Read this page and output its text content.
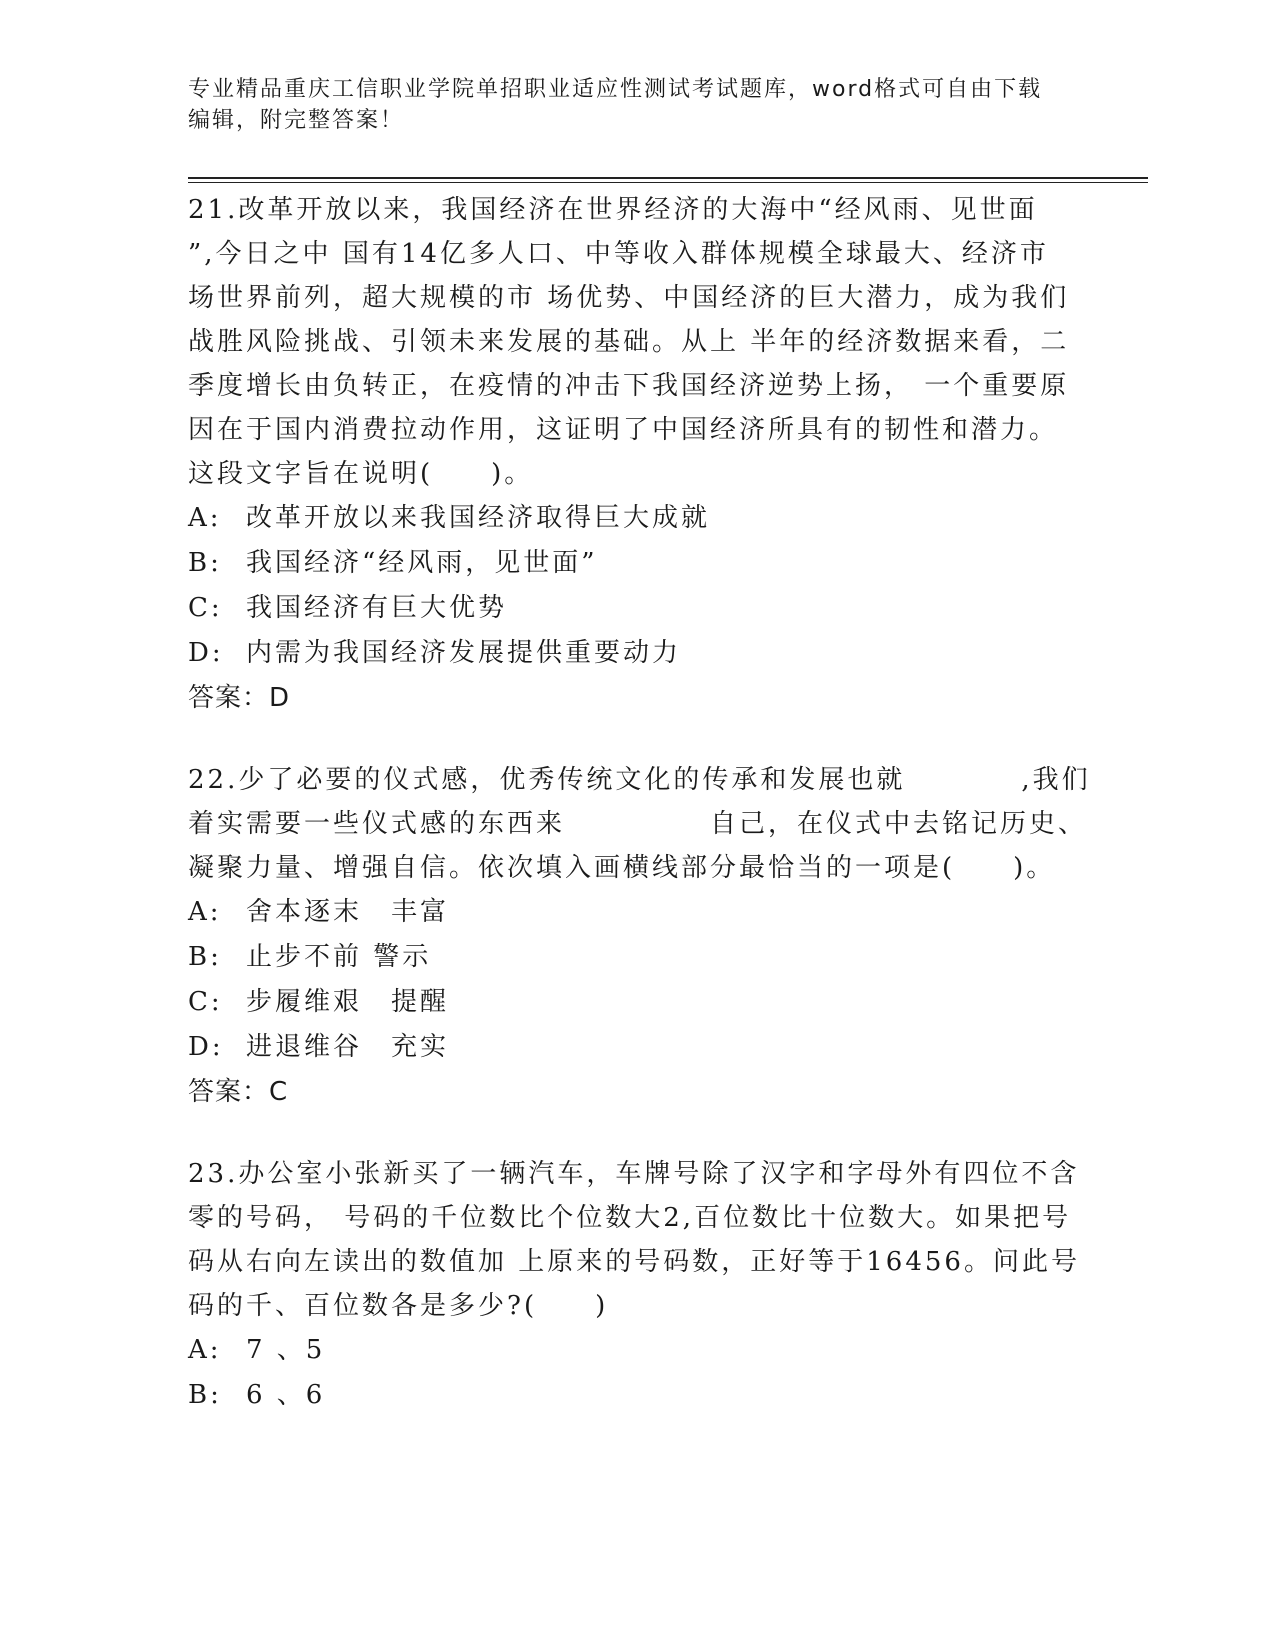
专业精品重庆工信职业学院单招职业适应性测试考试题库，word格式可自由下载
编辑，附完整答案！
21.改革开放以来，我国经济在世界经济的大海中“经风雨、见世面
”,今日之中 国有14亿多人口、中等收入群体规模全球最大、经济市
场世界前列，超大规模的市 场优势、中国经济的巨大潜力，成为我们
战胜风险挑战、引领未来发展的基础。从上 半年的经济数据来看，二
季度增长由负转正，在疫情的冲击下我国经济逆势上扬， 一个重要原
因在于国内消费拉动作用，这证明了中国经济所具有的韧性和潜力。
这段文字旨在说明(　　)。
A: 改革开放以来我国经济取得巨大成就
B: 我国经济“经风雨，见世面”
C: 我国经济有巨大优势
D: 内需为我国经济发展提供重要动力
答案：D
22.少了必要的仪式感，优秀传统文化的传承和发展也就　　　　,我们
着实需要一些仪式感的东西来　　　　　自己，在仪式中去铭记历史、
凝聚力量、增强自信。依次填入画横线部分最恰当的一项是(　　)。
A: 舍本逐末　丰富
B: 止步不前 警示
C: 步履维艰　提醒
D: 进退维谷　充实
答案：C
23.办公室小张新买了一辆汽车，车牌号除了汉字和字母外有四位不含
零的号码， 号码的千位数比个位数大2,百位数比十位数大。如果把号
码从右向左读出的数值加 上原来的号码数，正好等于16456。问此号
码的千、百位数各是多少?(　　)
A: 7 、5
B: 6 、6
